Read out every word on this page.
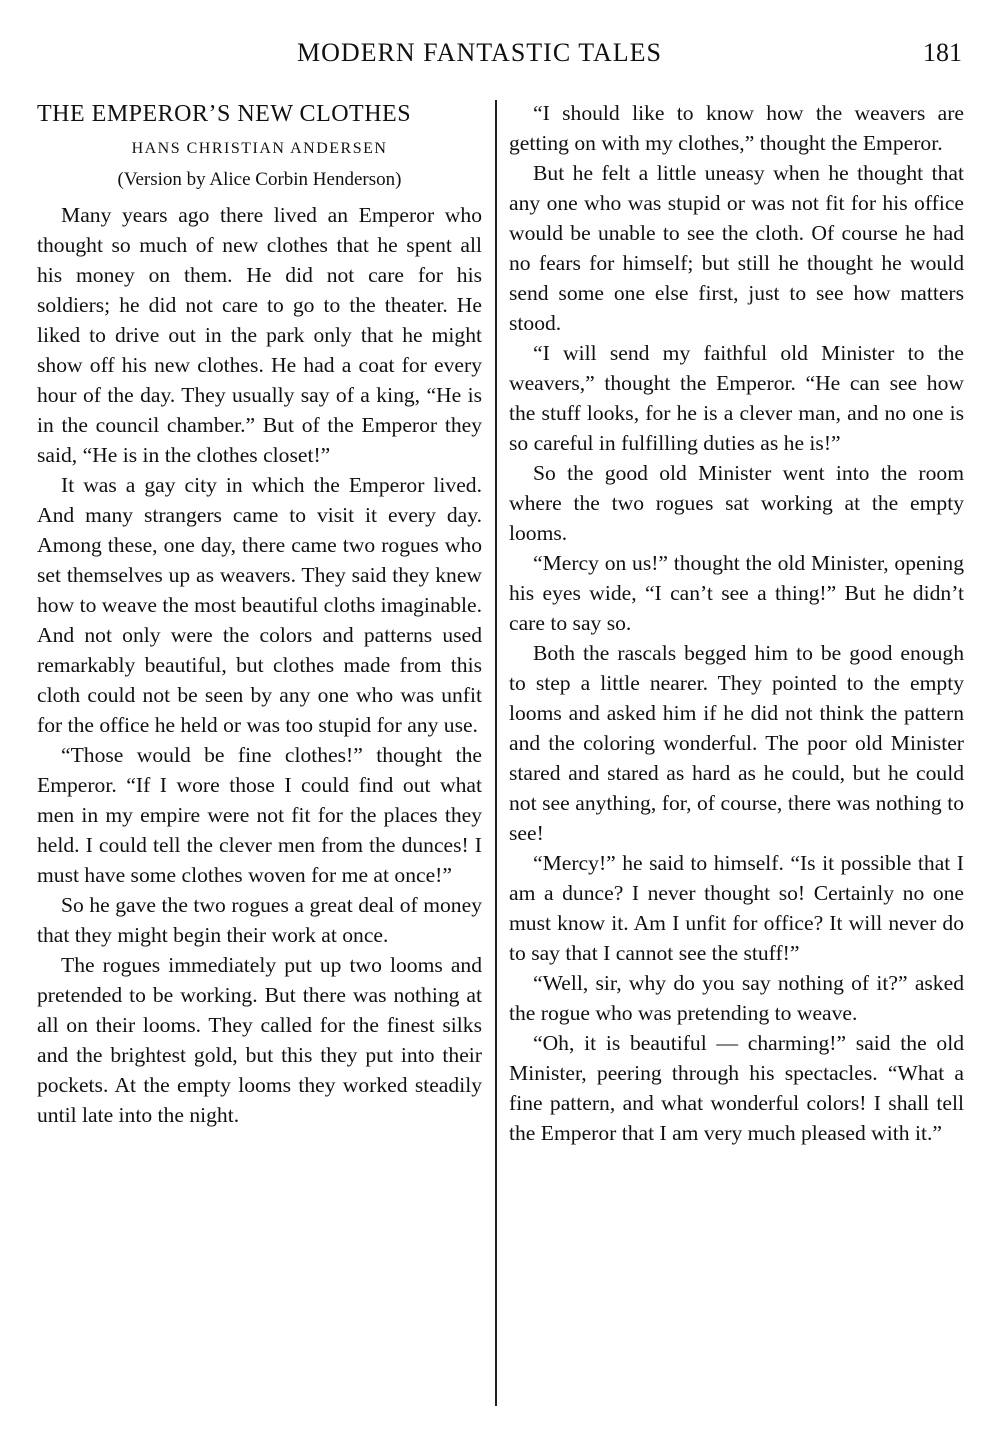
MODERN FANTASTIC TALES	181
THE EMPEROR’S NEW CLOTHES

HANS CHRISTIAN ANDERSEN

(Version by Alice Corbin Henderson)

Many years ago there lived an Emperor who thought so much of new clothes that he spent all his money on them. He did not care for his soldiers; he did not care to go to the theater. He liked to drive out in the park only that he might show off his new clothes. He had a coat for every hour of the day. They usually say of a king, “He is in the council chamber.” But of the Emperor they said, “He is in the clothes closet!”

It was a gay city in which the Emperor lived. And many strangers came to visit it every day. Among these, one day, there came two rogues who set themselves up as weavers. They said they knew how to weave the most beautiful cloths imaginable. And not only were the colors and patterns used remarkably beautiful, but clothes made from this cloth could not be seen by any one who was unfit for the office he held or was too stupid for any use.

“Those would be fine clothes!” thought the Emperor. “If I wore those I could find out what men in my empire were not fit for the places they held. I could tell the clever men from the dunces! I must have some clothes woven for me at once!”

So he gave the two rogues a great deal of money that they might begin their work at once.

The rogues immediately put up two looms and pretended to be working. But there was nothing at all on their looms. They called for the finest silks and the brightest gold, but this they put into their pockets. At the empty looms they worked steadily until late into the night.

“I should like to know how the weavers are getting on with my clothes,” thought the Emperor.

But he felt a little uneasy when he thought that any one who was stupid or was not fit for his office would be unable to see the cloth. Of course he had no fears for himself; but still he thought he would send some one else first, just to see how matters stood.

“I will send my faithful old Minister to the weavers,” thought the Emperor. “He can see how the stuff looks, for he is a clever man, and no one is so careful in fulfilling duties as he is!”

So the good old Minister went into the room where the two rogues sat working at the empty looms.

“Mercy on us!” thought the old Minister, opening his eyes wide, “I can’t see a thing!” But he didn’t care to say so.

Both the rascals begged him to be good enough to step a little nearer. They pointed to the empty looms and asked him if he did not think the pattern and the coloring wonderful. The poor old Minister stared and stared as hard as he could, but he could not see anything, for, of course, there was nothing to see!

“Mercy!” he said to himself. “Is it possible that I am a dunce? I never thought so! Certainly no one must know it. Am I unfit for office? It will never do to say that I cannot see the stuff!”

“Well, sir, why do you say nothing of it?” asked the rogue who was pretending to weave.

“Oh, it is beautiful — charming!” said the old Minister, peering through his spectacles. “What a fine pattern, and what wonderful colors! I shall tell the Emperor that I am very much pleased with it.”
